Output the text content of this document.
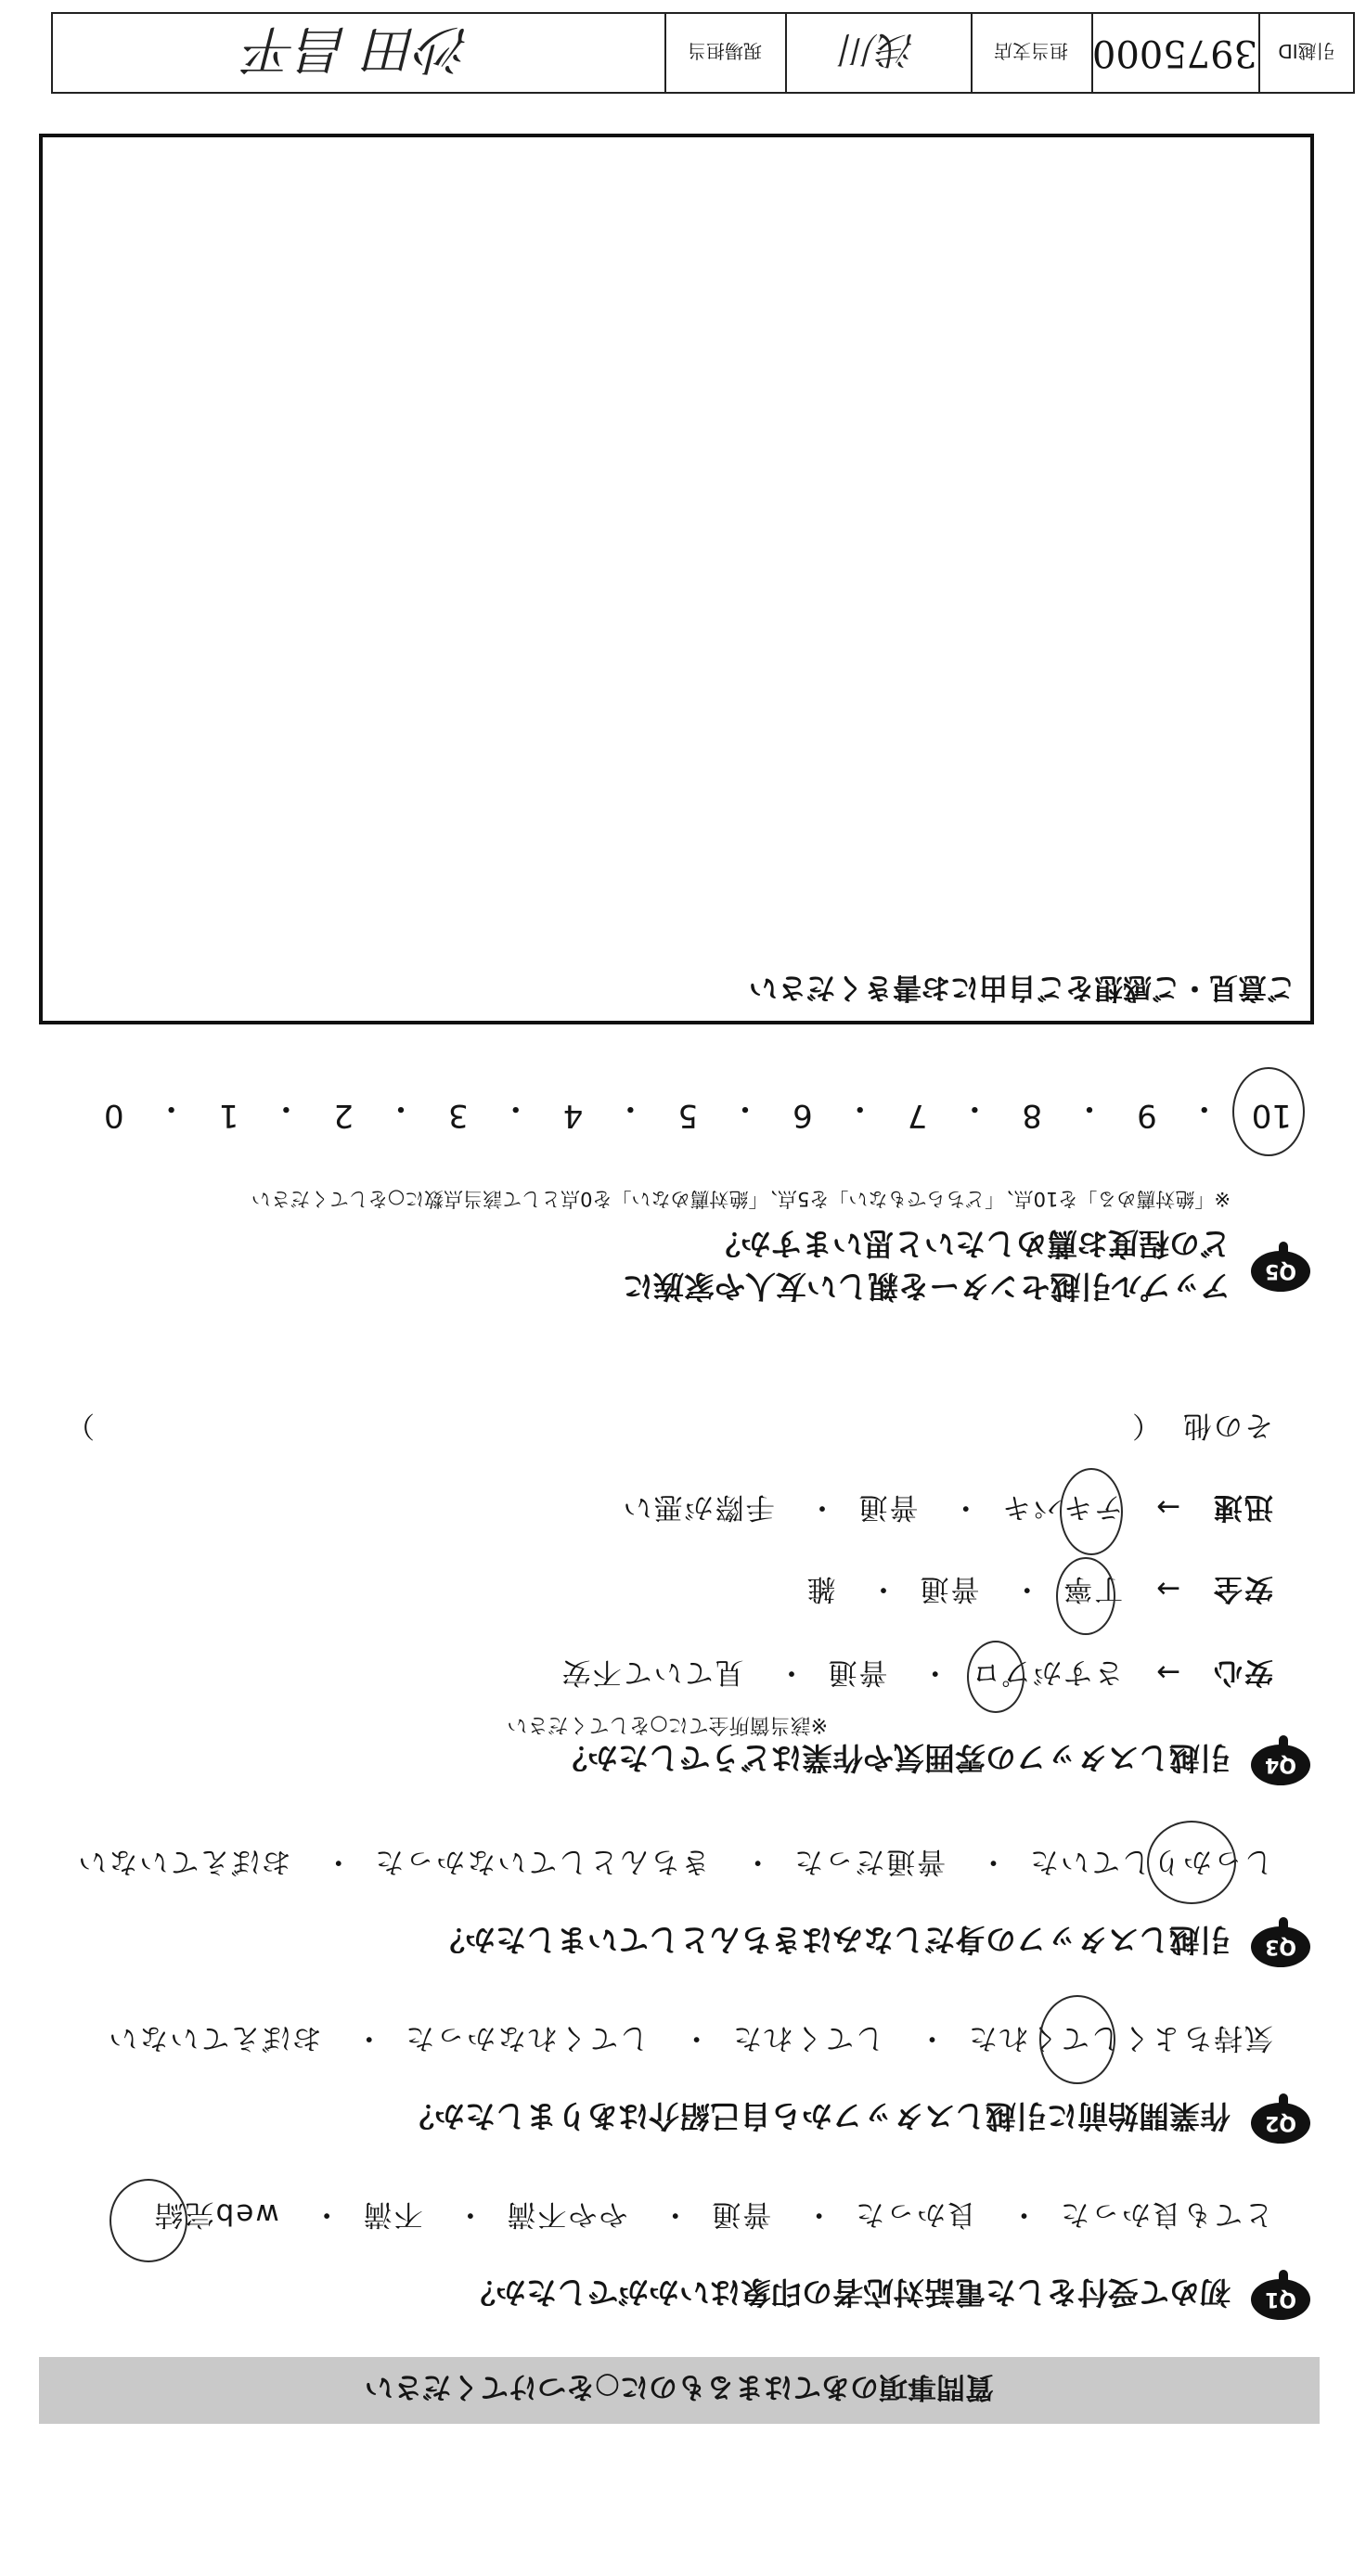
引越ID
3975000
担当支店
浅川
現場担当
沙田 昌平
質問事項のあてはまるものに○をつけてください
Q1
初めて受付をした電話対応者の印象はいかがでしたか？
とても良かった・ 良かった・ 普通・ やや不満・ 不満・ web完結
Q2
作業開始前に引越しスタッフから自己紹介はありましたか？
気持ちよくしてくれた・ してくれた・ してくれなかった・ おぼえていない
Q3
引越しスタッフの身だしなみはきちんとしていましたか？
しっかりしていた・ 普通だった・ きちんとしていなかった・ おぼえていない
Q4
引越しスタッフの雰囲気や作業はどうでしたか？
※該当箇所全てに○をしてください
安心 → さすがプロ・ 普通・ 見ていて不安
安全 → 丁寧・ 普通・ 雑
迅速 → テキパキ・ 普通・ 手際が悪い
その他 （
）
Q5
アップル引越センターを親しい友人や家族に
どの程度お薦めしたいと思いますか？
※「絶対薦める」を10点、「どちらでもない」を5点、「絶対薦めない」を0点として該当点数に○をしてください
10
・
9
・
8
・
7
・
6
・
5
・
4
・
3
・
2
・
1
・
0
ご意見・ご感想をご自由にお書きください
